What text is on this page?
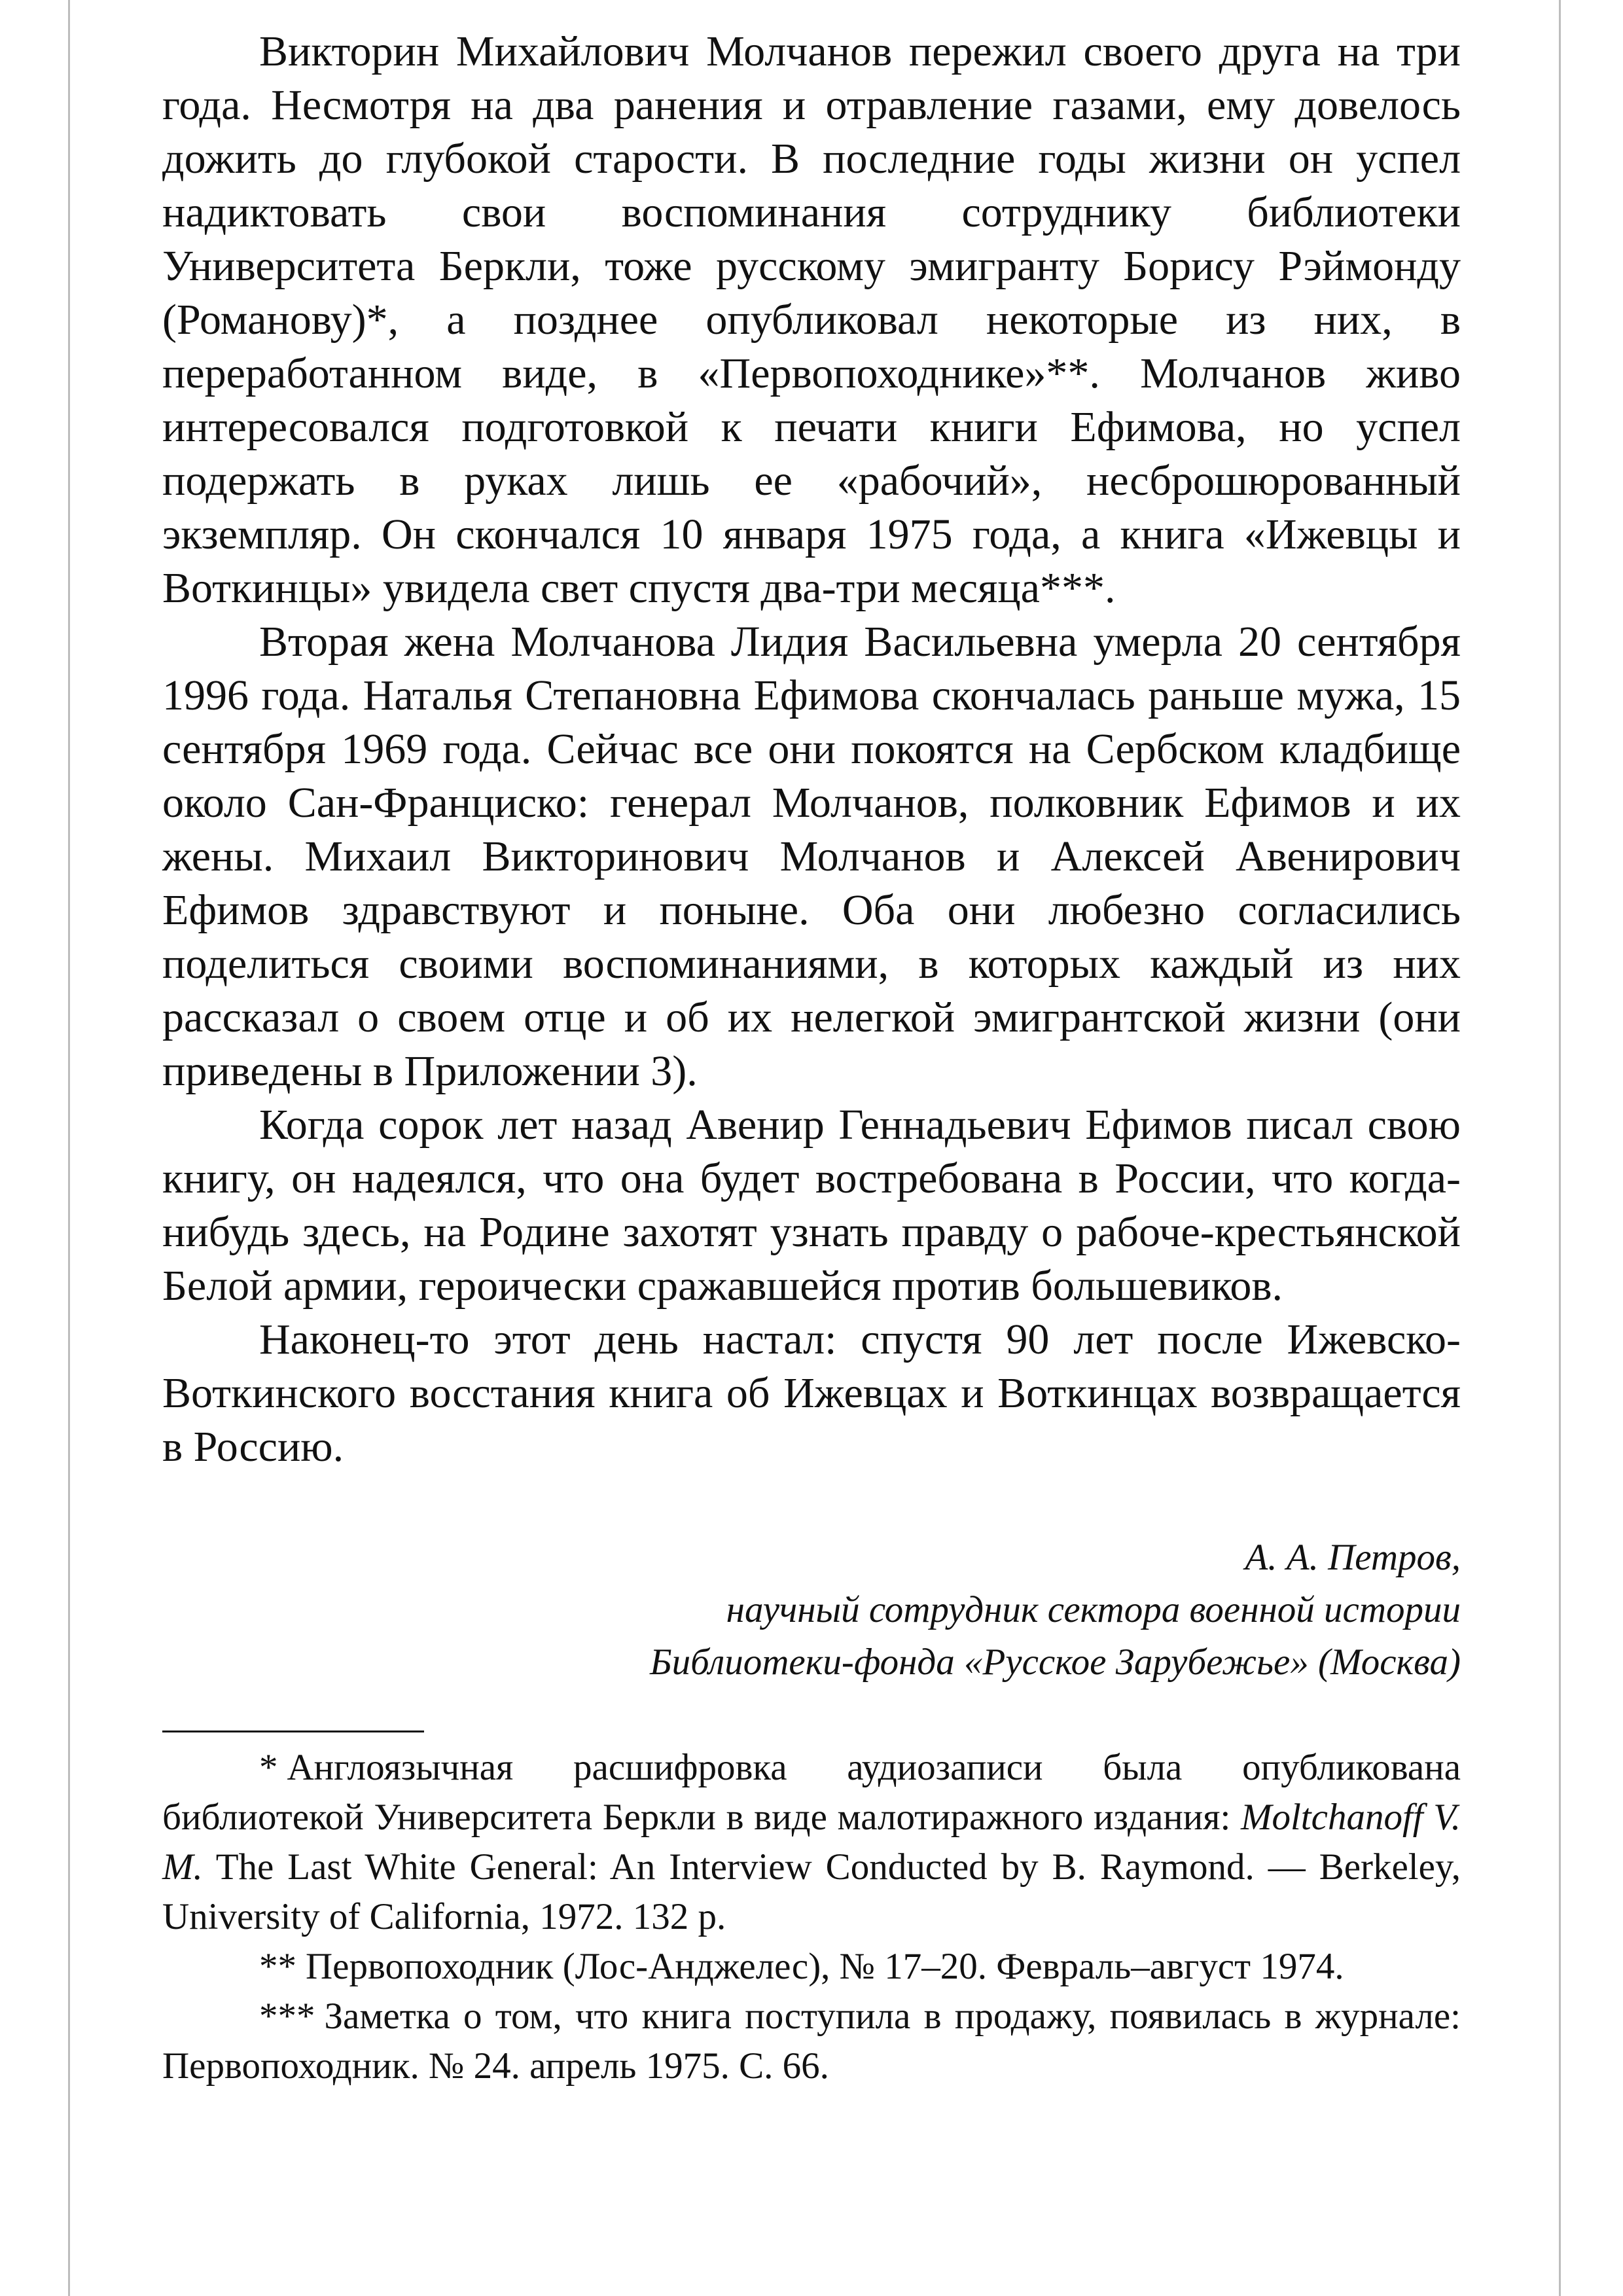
Викторин Михайлович Молчанов пережил своего друга на три года. Несмотря на два ранения и отравление газами, ему довелось дожить до глубокой старости. В последние годы жизни он успел надиктовать свои воспоминания сотруднику библиотеки Университета Беркли, тоже русскому эмигранту Борису Рэймонду (Романову)*, а позднее опубликовал некоторые из них, в переработанном виде, в «Первопоходнике»**. Молчанов живо интересовался подготовкой к печати книги Ефимова, но успел подержать в руках лишь ее «рабочий», несброшюрованный экземпляр. Он скончался 10 января 1975 года, а книга «Ижевцы и Воткинцы» увидела свет спустя два-три месяца***.

Вторая жена Молчанова Лидия Васильевна умерла 20 сентября 1996 года. Наталья Степановна Ефимова скончалась раньше мужа, 15 сентября 1969 года. Сейчас все они покоятся на Сербском кладбище около Сан-Франциско: генерал Молчанов, полковник Ефимов и их жены. Михаил Викторинович Молчанов и Алексей Авенирович Ефимов здравствуют и поныне. Оба они любезно согласились поделиться своими воспоминаниями, в которых каждый из них рассказал о своем отце и об их нелегкой эмигрантской жизни (они приведены в Приложении 3).

Когда сорок лет назад Авенир Геннадьевич Ефимов писал свою книгу, он надеялся, что она будет востребована в России, что когда-нибудь здесь, на Родине захотят узнать правду о рабоче-крестьянской Белой армии, героически сражавшейся против большевиков.

Наконец-то этот день настал: спустя 90 лет после Ижевско-Воткинского восстания книга об Ижевцах и Воткинцах возвращается в Россию.

А. А. Петров,
научный сотрудник сектора военной истории
Библиотеки-фонда «Русское Зарубежье» (Москва)

* Англоязычная расшифровка аудиозаписи была опубликована библиотекой Университета Беркли в виде малотиражного издания: Moltchanoff V. M. The Last White General: An Interview Conducted by B. Raymond. — Berkeley, University of California, 1972. 132 p.

** Первопоходник (Лос-Анджелес), № 17–20. Февраль–август 1974.

*** Заметка о том, что книга поступила в продажу, появилась в журнале: Первопоходник. № 24. апрель 1975. С. 66.
